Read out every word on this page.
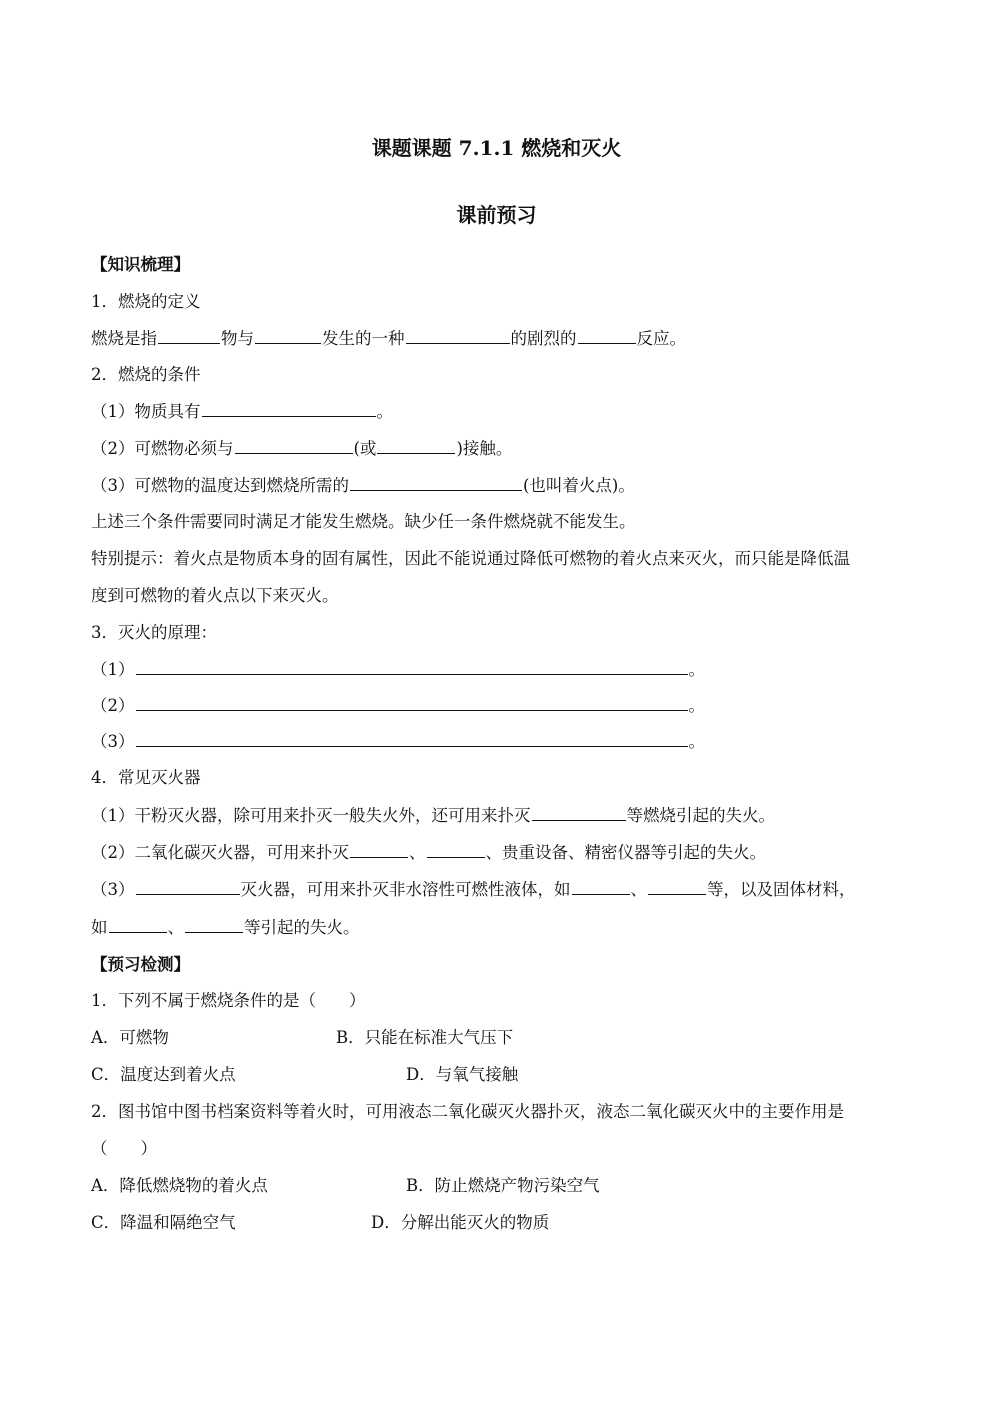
课题课题 7.1.1 燃烧和灭火
课前预习
【知识梳理】
1．燃烧的定义
燃烧是指	物与	发生的一种	的剧烈的	反应。
2．燃烧的条件
（1）物质具有	。
（2）可燃物必须与	(或	)接触。
（3）可燃物的温度达到燃烧所需的	(也叫着火点)。
上述三个条件需要同时满足才能发生燃烧。缺少任一条件燃烧就不能发生。
特别提示：着火点是物质本身的固有属性，因此不能说通过降低可燃物的着火点来灭火，而只能是降低温
度到可燃物的着火点以下来灭火。
3．灭火的原理：
（1）	。
（2）	。
（3）	。
4．常见灭火器
（1）干粉灭火器，除可用来扑灭一般失火外，还可用来扑灭	等燃烧引起的失火。
（2）二氧化碳灭火器，可用来扑灭	、	、贵重设备、精密仪器等引起的失火。
（3）	灭火器，可用来扑灭非水溶性可燃性液体，如	、	等，以及固体材料，
如	、	等引起的失火。
【预习检测】
1．下列不属于燃烧条件的是（　　）
A．可燃物	B．只能在标准大气压下
C．温度达到着火点	D．与氧气接触
2．图书馆中图书档案资料等着火时，可用液态二氧化碳灭火器扑灭，液态二氧化碳灭火中的主要作用是
（　　）
A．降低燃烧物的着火点	B．防止燃烧产物污染空气
C．降温和隔绝空气	D．分解出能灭火的物质
